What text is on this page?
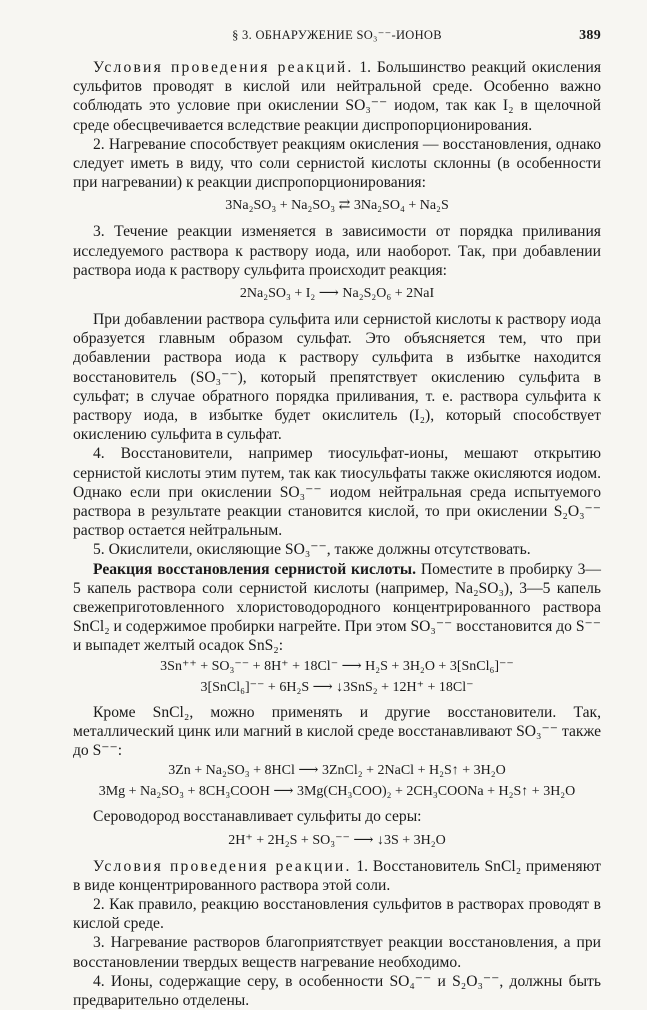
§ 3. ОБНАРУЖЕНИЕ SO₃⁻⁻-ИОНОВ	389

Условия проведения реакций. 1. Большинство реакций окисления сульфитов проводят в кислой или нейтральной среде. Особенно важно соблюдать это условие при окислении SO₃⁻⁻ иодом, так как I₂ в щелочной среде обесцвечивается вследствие реакции диспропорционирования.

2. Нагревание способствует реакциям окисления — восстановления, однако следует иметь в виду, что соли сернистой кислоты склонны (в особенности при нагревании) к реакции диспропорционирования:

3Na₂SO₃ + Na₂SO₃ ⇄ 3Na₂SO₄ + Na₂S

3. Течение реакции изменяется в зависимости от порядка приливания исследуемого раствора к раствору иода, или наоборот. Так, при добавлении раствора иода к раствору сульфита происходит реакция:

2Na₂SO₃ + I₂ ⟶ Na₂S₂O₆ + 2NaI

При добавлении раствора сульфита или сернистой кислоты к раствору иода образуется главным образом сульфат. Это объясняется тем, что при добавлении раствора иода к раствору сульфита в избытке находится восстановитель (SO₃⁻⁻), который препятствует окислению сульфита в сульфат; в случае обратного порядка приливания, т. е. раствора сульфита к раствору иода, в избытке будет окислитель (I₂), который способствует окислению сульфита в сульфат.

4. Восстановители, например тиосульфат-ионы, мешают открытию сернистой кислоты этим путем, так как тиосульфаты также окисляются иодом. Однако если при окислении SO₃⁻⁻ иодом нейтральная среда испытуемого раствора в результате реакции становится кислой, то при окислении S₂O₃⁻⁻ раствор остается нейтральным.

5. Окислители, окисляющие SO₃⁻⁻, также должны отсутствовать.

Реакция восстановления сернистой кислоты. Поместите в пробирку 3—5 капель раствора соли сернистой кислоты (например, Na₂SO₃), 3—5 капель свежеприготовленного хлористоводородного концентрированного раствора SnCl₂ и содержимое пробирки нагрейте. При этом SO₃⁻⁻ восстановится до S⁻⁻ и выпадет желтый осадок SnS₂:

3Sn⁺⁺ + SO₃⁻⁻ + 8H⁺ + 18Cl⁻ ⟶ H₂S + 3H₂O + 3[SnCl₆]⁻⁻
3[SnCl₆]⁻⁻ + 6H₂S ⟶ ↓3SnS₂ + 12H⁺ + 18Cl⁻

Кроме SnCl₂, можно применять и другие восстановители. Так, металлический цинк или магний в кислой среде восстанавливают SO₃⁻⁻ также до S⁻⁻:

3Zn + Na₂SO₃ + 8HCl ⟶ 3ZnCl₂ + 2NaCl + H₂S↑ + 3H₂O
3Mg + Na₂SO₃ + 8CH₃COOH ⟶ 3Mg(CH₃COO)₂ + 2CH₃COONa + H₂S↑ + 3H₂O

Сероводород восстанавливает сульфиты до серы:

2H⁺ + 2H₂S + SO₃⁻⁻ ⟶ ↓3S + 3H₂O

Условия проведения реакции. 1. Восстановитель SnCl₂ применяют в виде концентрированного раствора этой соли.

2. Как правило, реакцию восстановления сульфитов в растворах проводят в кислой среде.

3. Нагревание растворов благоприятствует реакции восстановления, а при восстановлении твердых веществ нагревание необходимо.

4. Ионы, содержащие серу, в особенности SO₄⁻⁻ и S₂O₃⁻⁻, должны быть предварительно отделены.
